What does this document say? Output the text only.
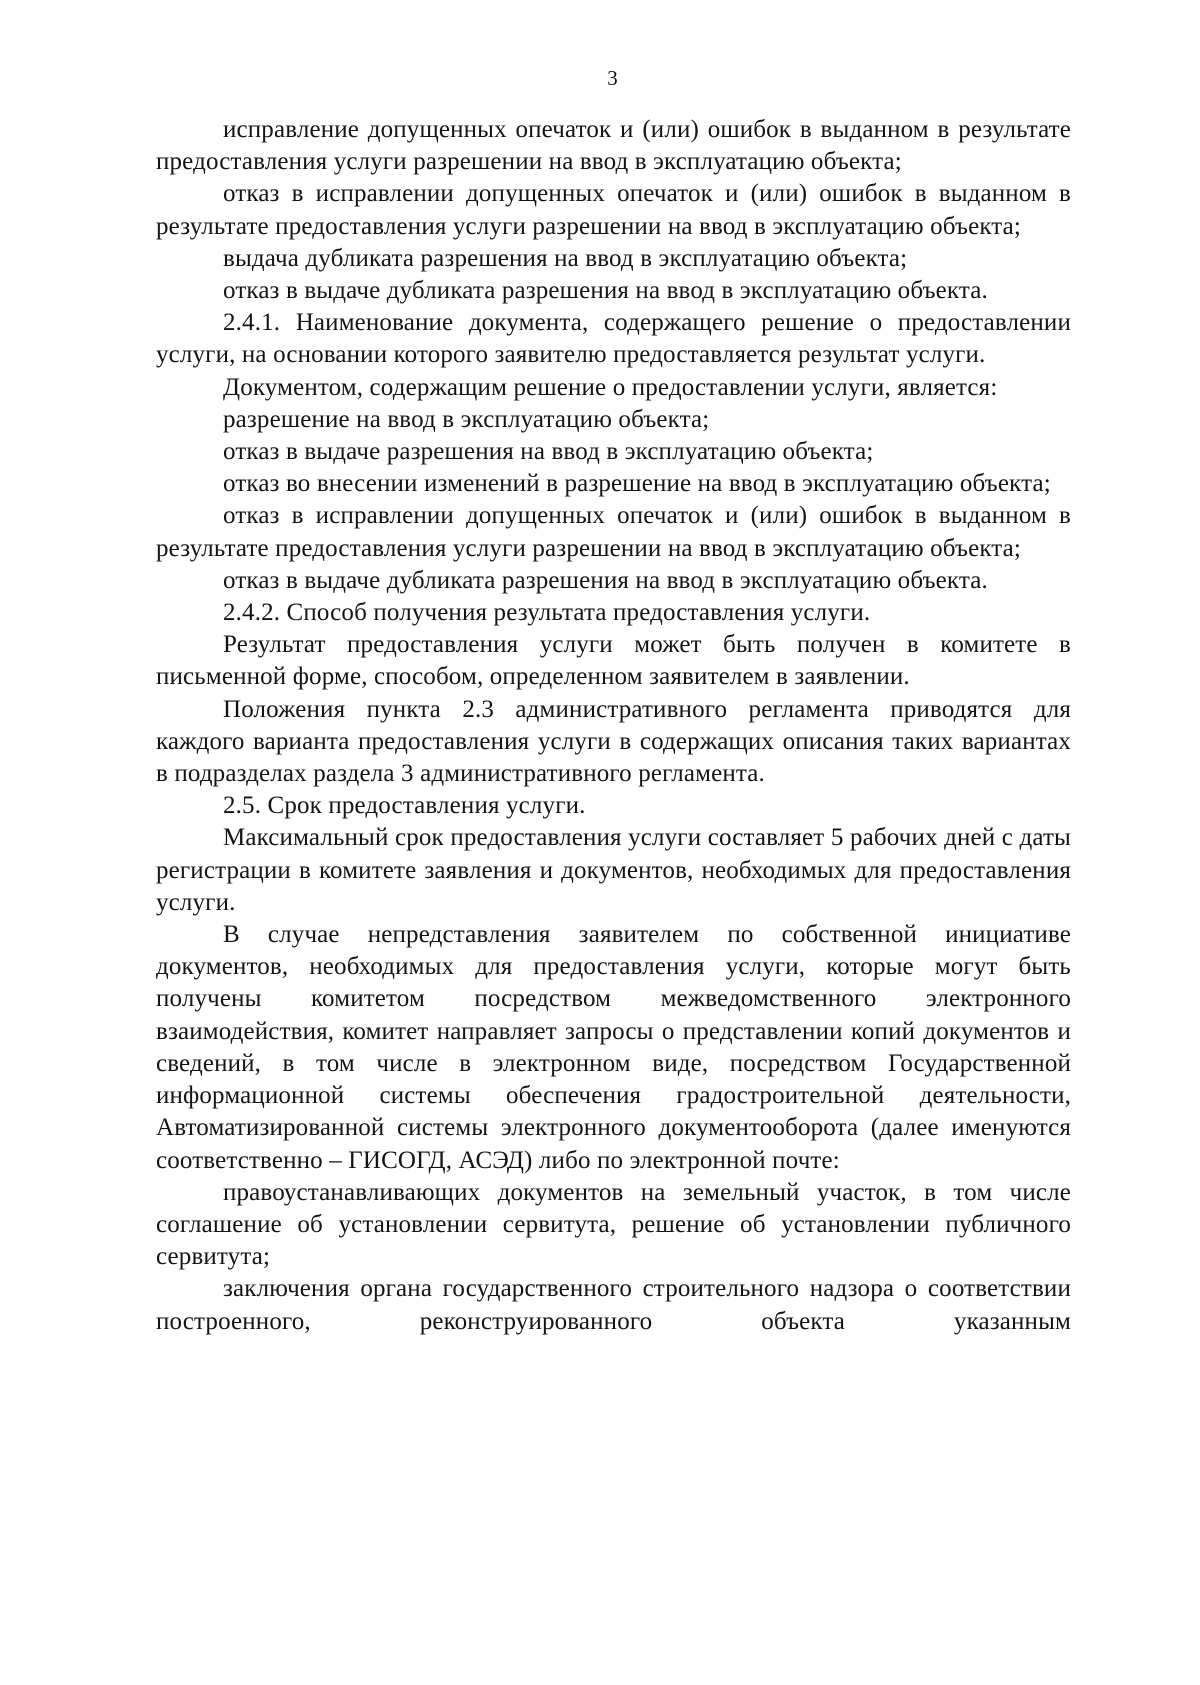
3

исправление допущенных опечаток и (или) ошибок в выданном в результате предоставления услуги разрешении на ввод в эксплуатацию объекта;

отказ в исправлении допущенных опечаток и (или) ошибок в выданном в результате предоставления услуги разрешении на ввод в эксплуатацию объекта;

выдача дубликата разрешения на ввод в эксплуатацию объекта;

отказ в выдаче дубликата разрешения на ввод в эксплуатацию объекта.

2.4.1. Наименование документа, содержащего решение о предоставлении услуги, на основании которого заявителю предоставляется результат услуги.

Документом, содержащим решение о предоставлении услуги, является:

разрешение на ввод в эксплуатацию объекта;

отказ в выдаче разрешения на ввод в эксплуатацию объекта;

отказ во внесении изменений в разрешение на ввод в эксплуатацию объекта;

отказ в исправлении допущенных опечаток и (или) ошибок в выданном в результате предоставления услуги разрешении на ввод в эксплуатацию объекта;

отказ в выдаче дубликата разрешения на ввод в эксплуатацию объекта.

2.4.2. Способ получения результата предоставления услуги.

Результат предоставления услуги может быть получен в комитете в письменной форме, способом, определенном заявителем в заявлении.

Положения пункта 2.3 административного регламента приводятся для каждого варианта предоставления услуги в содержащих описания таких вариантах в подразделах раздела 3 административного регламента.

2.5. Срок предоставления услуги.

Максимальный срок предоставления услуги составляет 5 рабочих дней с даты регистрации в комитете заявления и документов, необходимых для предоставления услуги.

В случае непредставления заявителем по собственной инициативе документов, необходимых для предоставления услуги, которые могут быть получены комитетом посредством межведомственного электронного взаимодействия, комитет направляет запросы о представлении копий документов и сведений, в том числе в электронном виде, посредством Государственной информационной системы обеспечения градостроительной деятельности, Автоматизированной системы электронного документооборота (далее именуются соответственно – ГИСОГД, АСЭД) либо по электронной почте:

правоустанавливающих документов на земельный участок, в том числе соглашение об установлении сервитута, решение об установлении публичного сервитута;

заключения органа государственного строительного надзора о соответствии построенного, реконструированного объекта указанным
